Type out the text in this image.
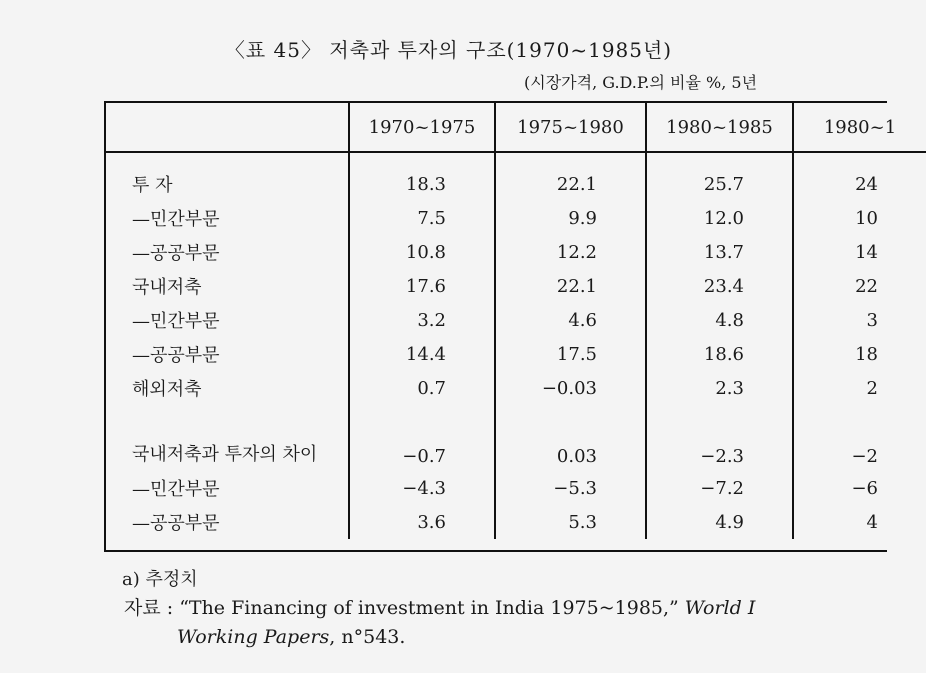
〈표 45〉 저축과 투자의 구조(1970~1985년)
(시장가격, G.D.P.의 비율 %, 5년
	1970~1975	1975~1980	1980~1985	1980~1
투 자	18.3	22.1	25.7	24
—민간부문	7.5	9.9	12.0	10
—공공부문	10.8	12.2	13.7	14
국내저축	17.6	22.1	23.4	22
—민간부문	3.2	4.6	4.8	3
—공공부문	14.4	17.5	18.6	18
해외저축	0.7	−0.03	2.3	2
국내저축과 투자의 차이	−0.7	0.03	−2.3	−2
—민간부문	−4.3	−5.3	−7.2	−6
—공공부문	3.6	5.3	4.9	4
a) 추정치
자료 : “The Financing of investment in India 1975~1985,” World I
Working Papers, n°543.
